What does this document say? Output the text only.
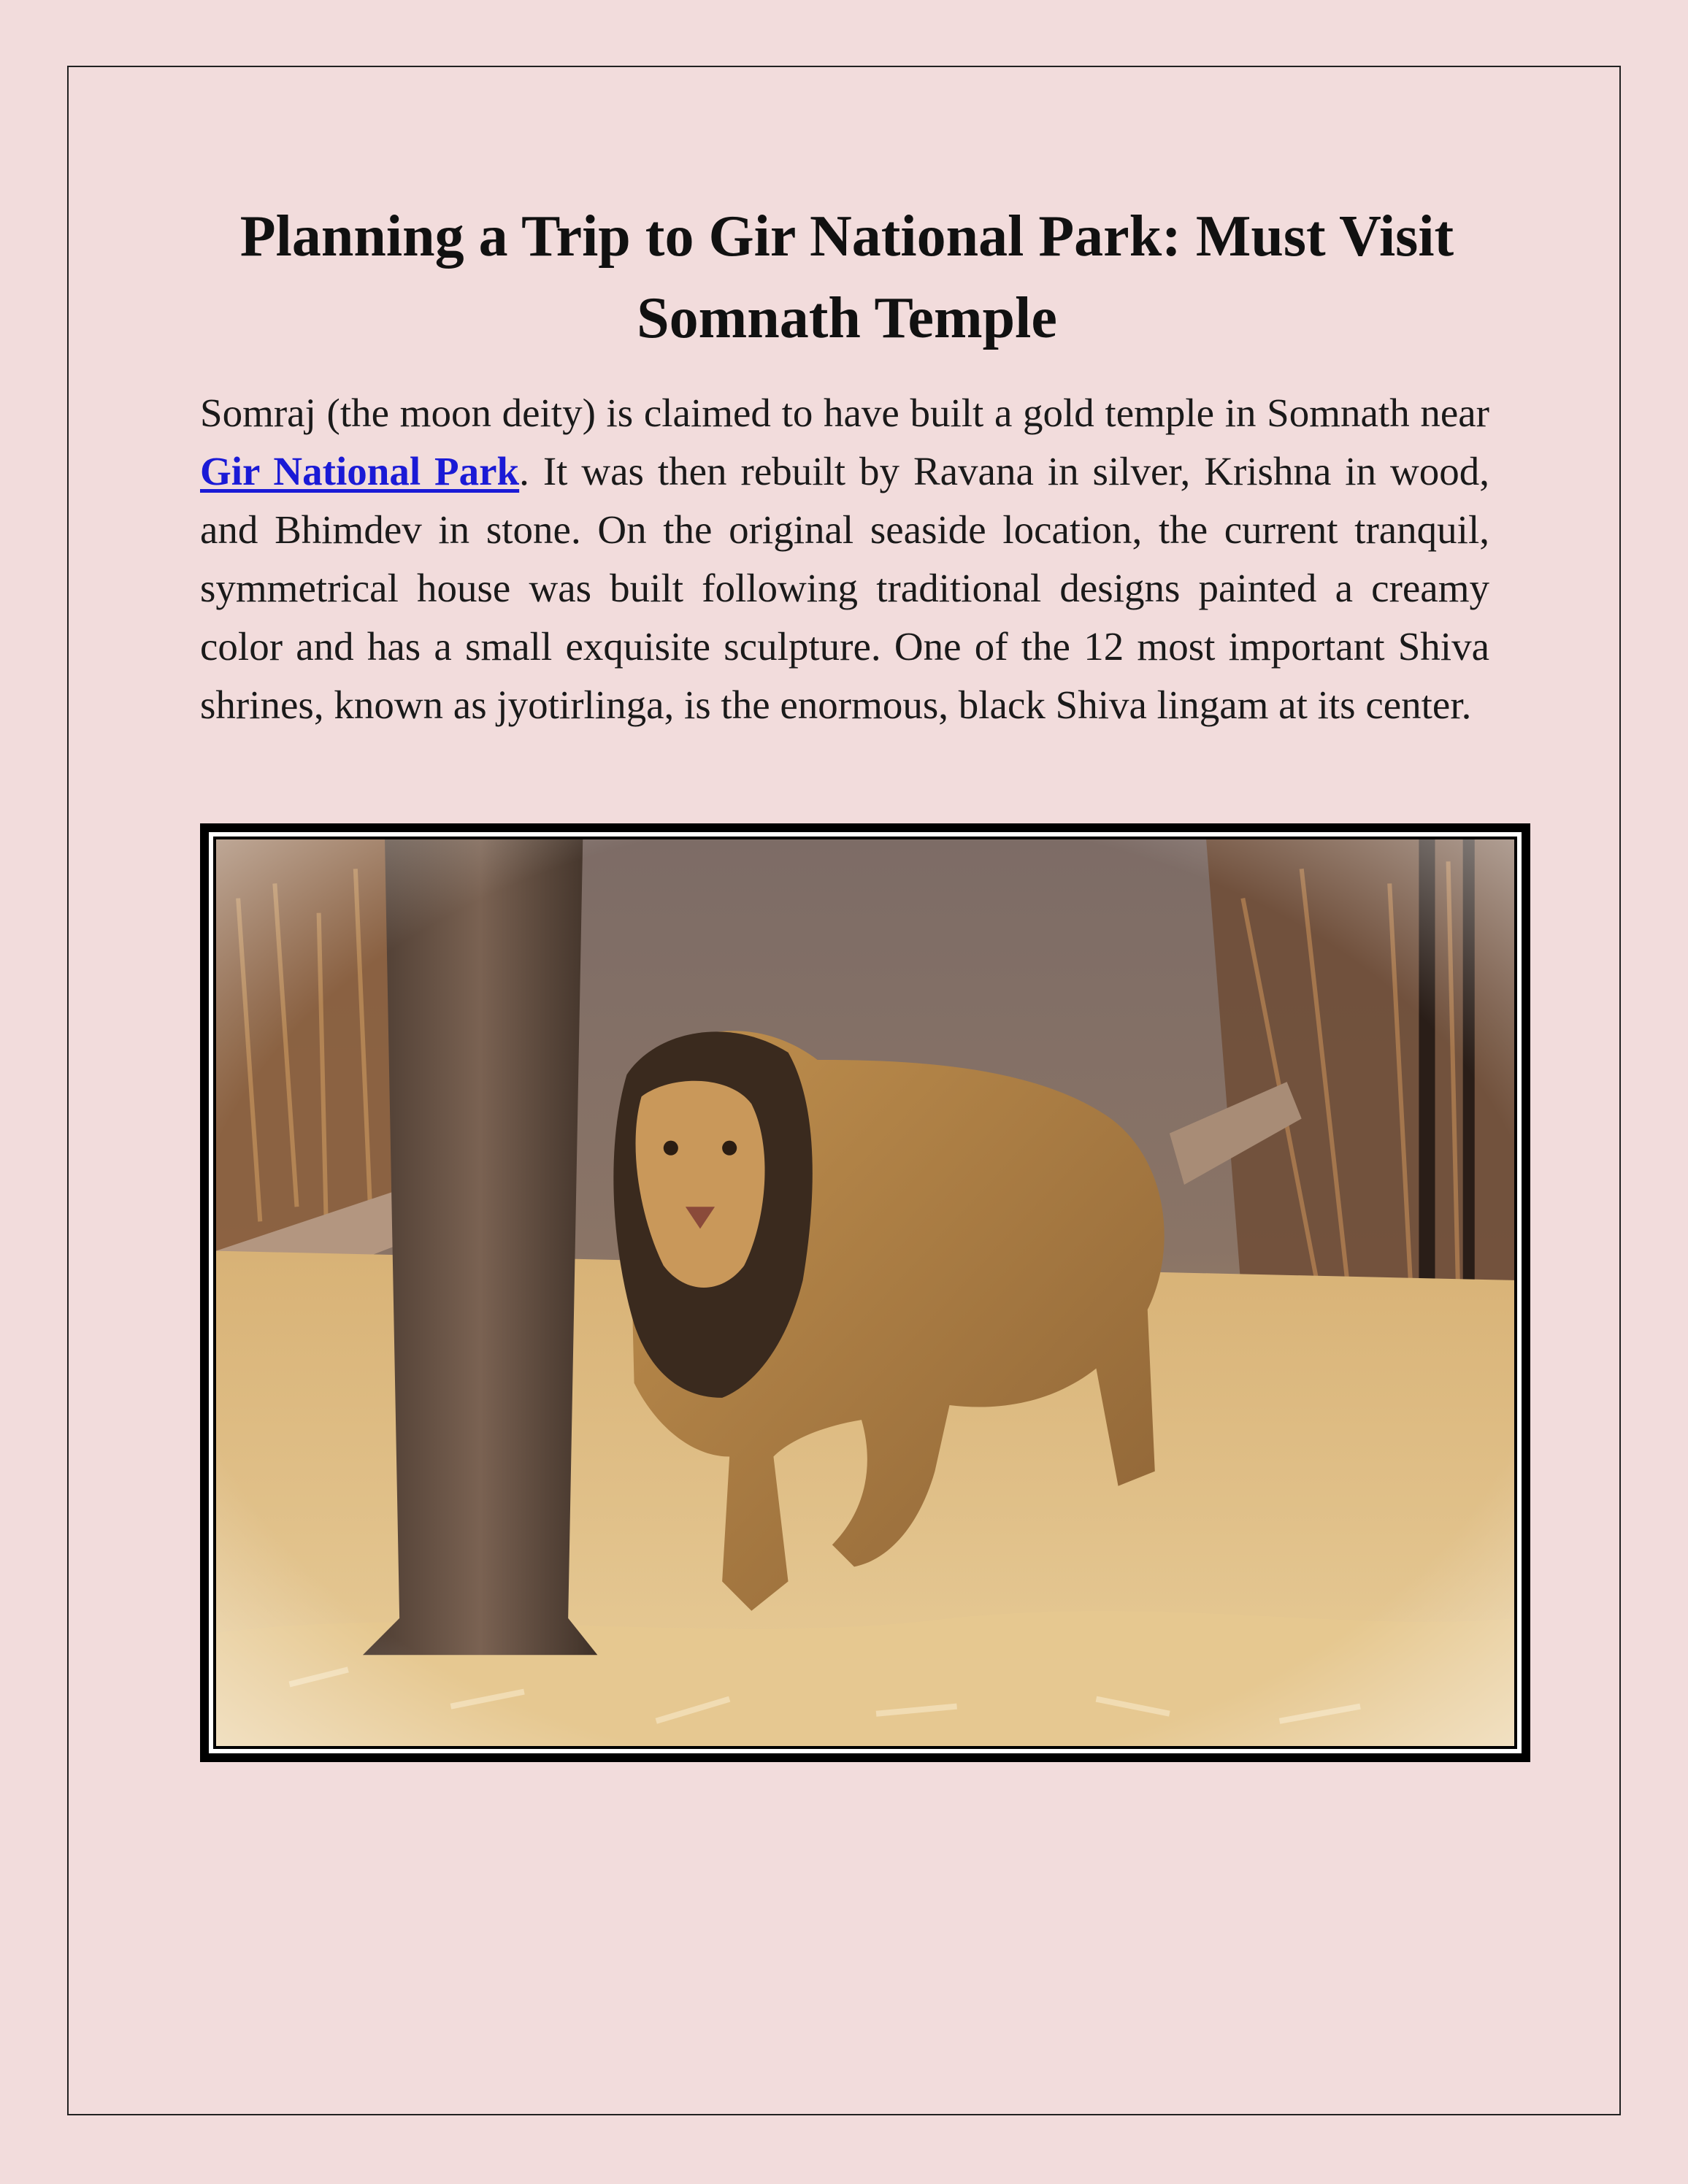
Planning a Trip to Gir National Park: Must Visit Somnath Temple

Somraj (the moon deity) is claimed to have built a gold temple in Somnath near Gir National Park. It was then rebuilt by Ravana in silver, Krishna in wood, and Bhimdev in stone. On the original seaside location, the current tranquil, symmetrical house was built following traditional designs painted a creamy color and has a small exquisite sculpture. One of the 12 most important Shiva shrines, known as jyotirlinga, is the enormous, black Shiva lingam at its center.
